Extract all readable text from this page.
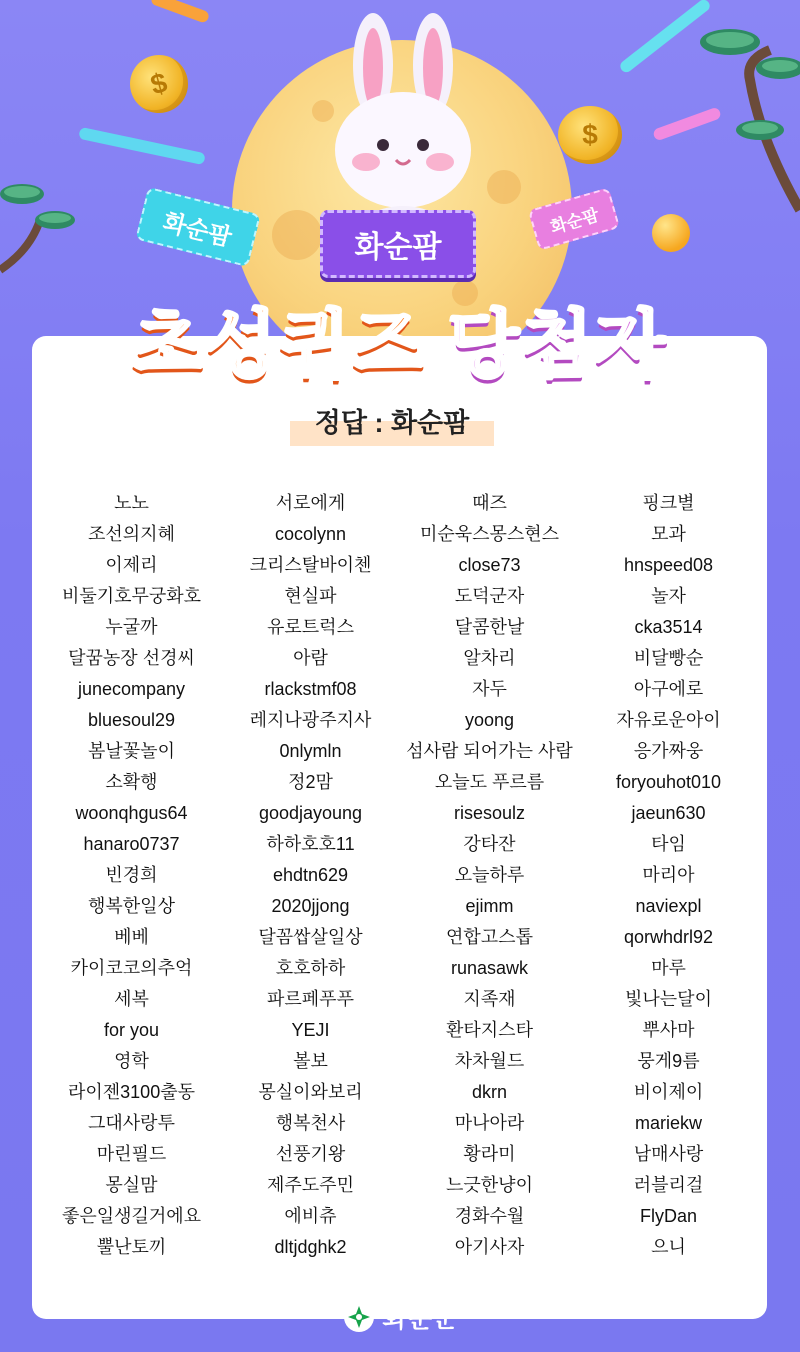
$
$
화순팜
화순팜	화순팜
초성퀴즈 당첨자
정답 : 화순팜
노노	서로에게	때즈	핑크별
조선의지혜	cocolynn	미순욱스몽스현스	모과
이제리	크리스탈바이첸	close73	hnspeed08
비둘기호무궁화호	현실파	도덕군자	놀자
누굴까	유로트럭스	달콤한날	cka3514
달꿈농장 선경씨	아람	알차리	비달빵순
junecompany	rlackstmf08	자두	아구에로
bluesoul29	레지나광주지사	yoong	자유로운아이
봄날꽃놀이	0nlymln	섬사람 되어가는 사람	응가짜웅
소확행	정2맘	오늘도 푸르름	foryouhot010
woonqhgus64	goodjayoung	risesoulz	jaeun630
hanaro0737	하하호호11	강타잔	타임
빈경희	ehdtn629	오늘하루	마리아
행복한일상	2020jjong	ejimm	naviexpl
베베	달꼼쌉살일상	연합고스톱	qorwhdrl92
카이코코의추억	호호하하	runasawk	마루
세복	파르페푸푸	지족재	빛나는달이
for you	YEJI	환타지스타	뿌사마
영학	볼보	차차월드	뭉게9름
라이젠3100출동	몽실이와보리	dkrn	비이제이
그대사랑투	행복천사	마나아라	mariekw
마린필드	선풍기왕	황라미	남매사랑
몽실맘	제주도주민	느긋한냥이	러블리걸
좋은일생길거에요	에비츄	경화수월	FlyDan
뿔난토끼	dltjdghk2	아기사자	으니
화순군
